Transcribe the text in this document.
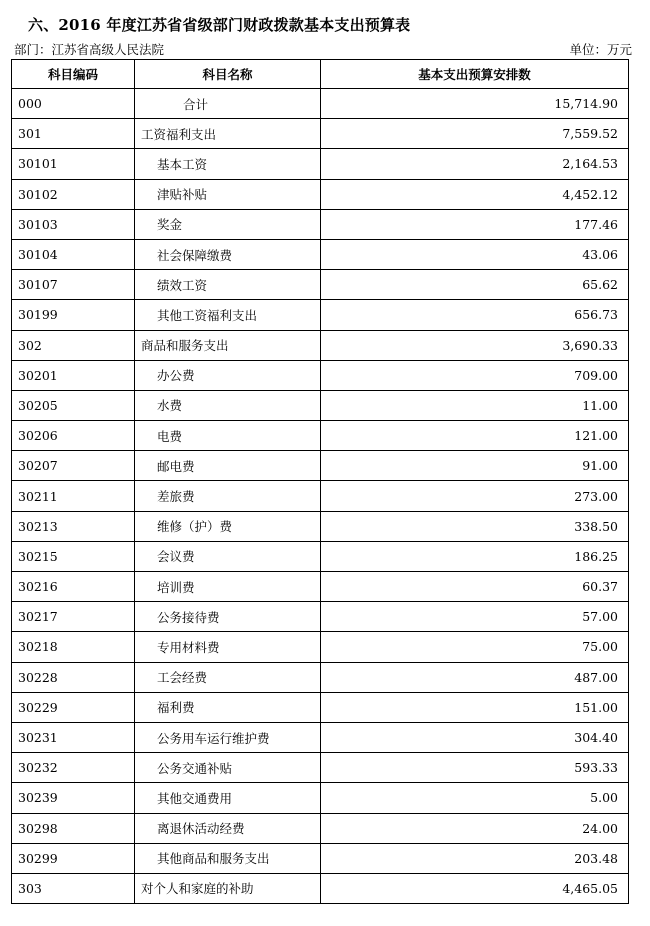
六、2016 年度江苏省省级部门财政拨款基本支出预算表
部门：江苏省高级人民法院	单位：万元
科目编码	科目名称	基本支出预算安排数
000	合计	15,714.90
301	工资福利支出	7,559.52
30101	基本工资	2,164.53
30102	津贴补贴	4,452.12
30103	奖金	177.46
30104	社会保障缴费	43.06
30107	绩效工资	65.62
30199	其他工资福利支出	656.73
302	商品和服务支出	3,690.33
30201	办公费	709.00
30205	水费	11.00
30206	电费	121.00
30207	邮电费	91.00
30211	差旅费	273.00
30213	维修（护）费	338.50
30215	会议费	186.25
30216	培训费	60.37
30217	公务接待费	57.00
30218	专用材料费	75.00
30228	工会经费	487.00
30229	福利费	151.00
30231	公务用车运行维护费	304.40
30232	公务交通补贴	593.33
30239	其他交通费用	5.00
30298	离退休活动经费	24.00
30299	其他商品和服务支出	203.48
303	对个人和家庭的补助	4,465.05
